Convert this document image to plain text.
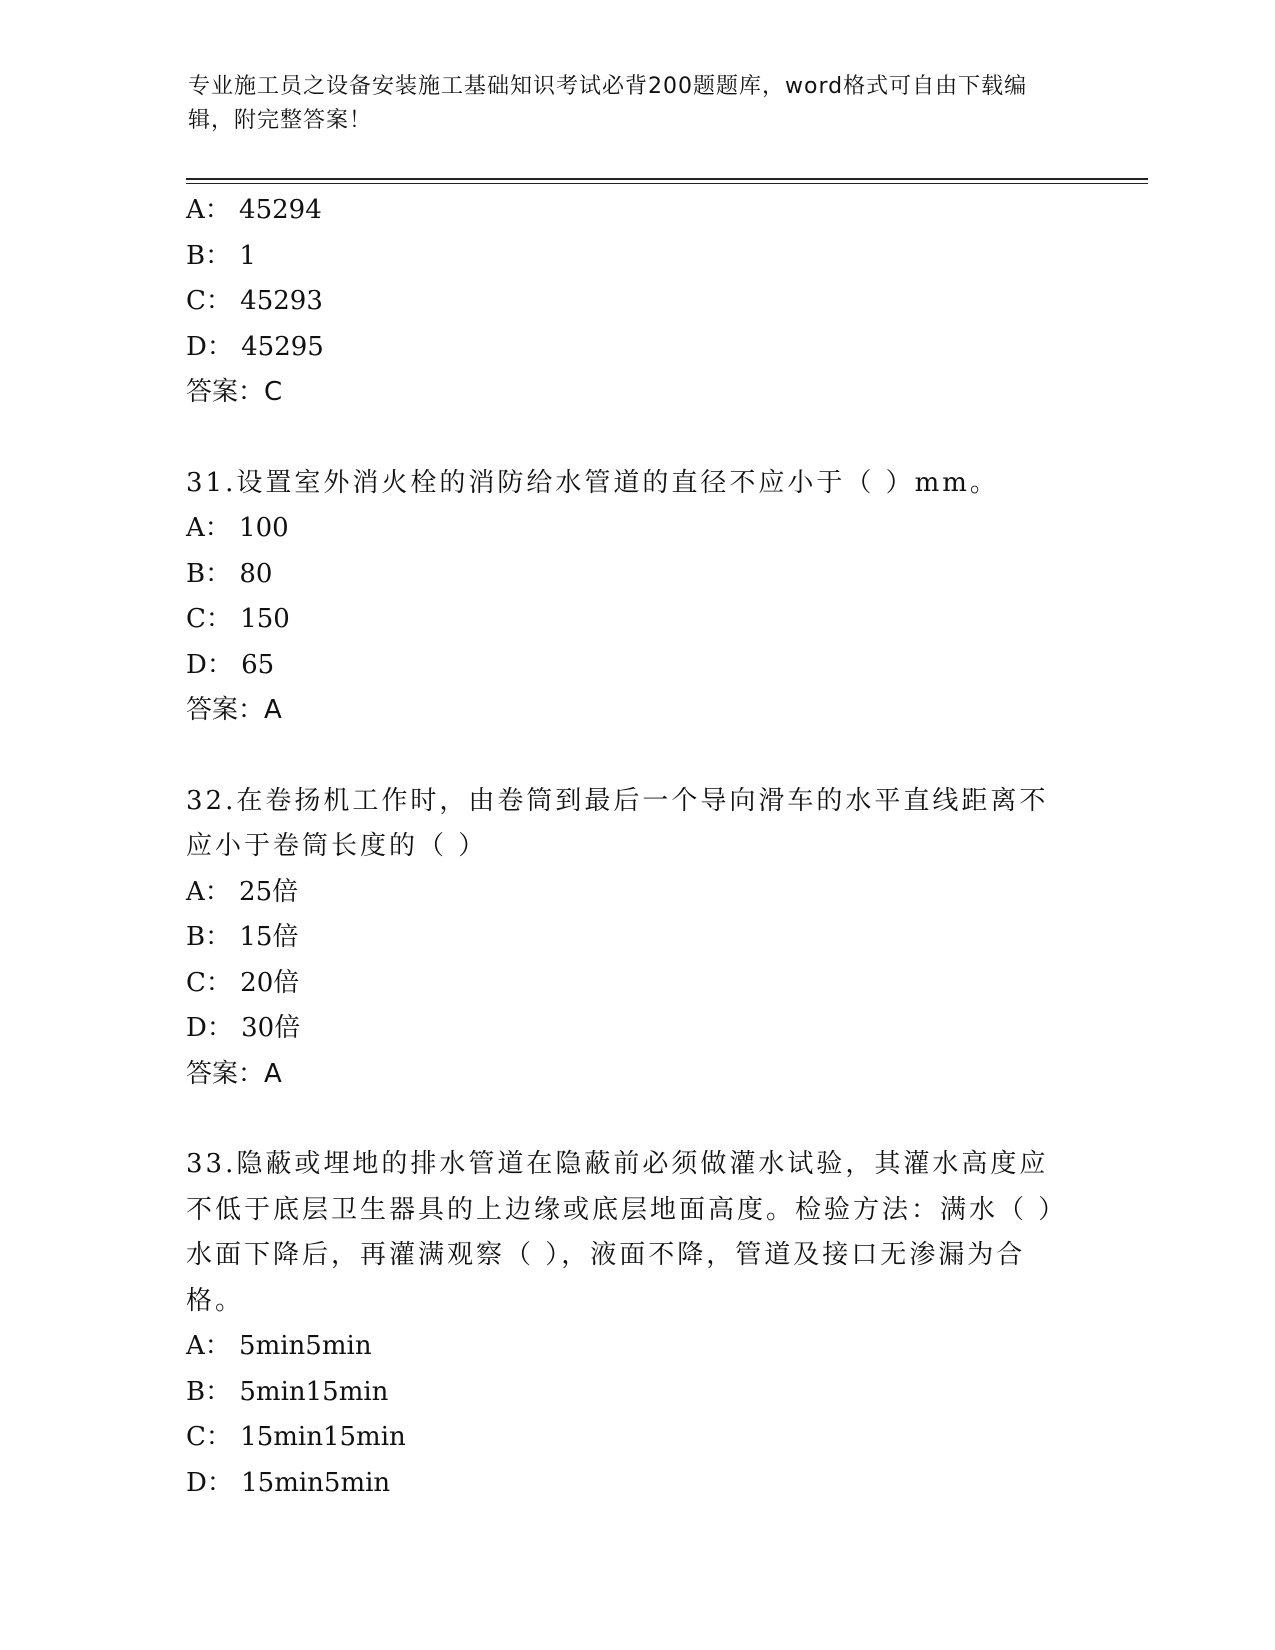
专业施工员之设备安装施工基础知识考试必背200题题库，word格式可自由下载编辑，附完整答案！
A： 45294
B： 1
C： 45293
D： 45295
答案：C
31.设置室外消火栓的消防给水管道的直径不应小于（ ）mm。
A： 100
B： 80
C： 150
D： 65
答案：A
32.在卷扬机工作时，由卷筒到最后一个导向滑车的水平直线距离不应小于卷筒长度的（ ）
A： 25倍
B： 15倍
C： 20倍
D： 30倍
答案：A
33.隐蔽或埋地的排水管道在隐蔽前必须做灌水试验，其灌水高度应不低于底层卫生器具的上边缘或底层地面高度。检验方法：满水（ ）水面下降后，再灌满观察（ ），液面不降，管道及接口无渗漏为合格。
A： 5min5min
B： 5min15min
C： 15min15min
D： 15min5min
